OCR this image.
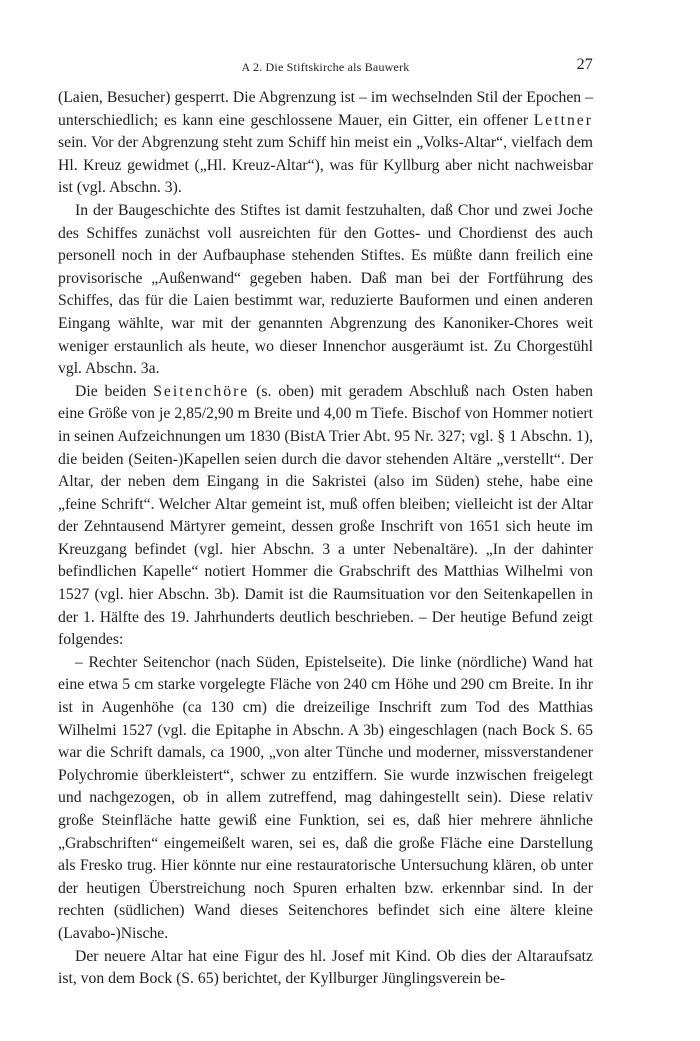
A 2. Die Stiftskirche als Bauwerk	27

(Laien, Besucher) gesperrt. Die Abgrenzung ist – im wechselnden Stil der Epochen – unterschiedlich; es kann eine geschlossene Mauer, ein Gitter, ein offener Lettner sein. Vor der Abgrenzung steht zum Schiff hin meist ein „Volks-Altar“, vielfach dem Hl. Kreuz gewidmet („Hl. Kreuz-Altar“), was für Kyllburg aber nicht nachweisbar ist (vgl. Abschn. 3).

In der Baugeschichte des Stiftes ist damit festzuhalten, daß Chor und zwei Joche des Schiffes zunächst voll ausreichten für den Gottes- und Chordienst des auch personell noch in der Aufbauphase stehenden Stiftes. Es müßte dann freilich eine provisorische „Außenwand“ gegeben haben. Daß man bei der Fortführung des Schiffes, das für die Laien bestimmt war, reduzierte Bauformen und einen anderen Eingang wählte, war mit der genannten Abgrenzung des Kanoniker-Chores weit weniger erstaunlich als heute, wo dieser Innenchor ausgeräumt ist. Zu Chorgestühl vgl. Abschn. 3a.

Die beiden Seitenchöre (s. oben) mit geradem Abschluß nach Osten haben eine Größe von je 2,85/2,90 m Breite und 4,00 m Tiefe. Bischof von Hommer notiert in seinen Aufzeichnungen um 1830 (BistA Trier Abt. 95 Nr. 327; vgl. § 1 Abschn. 1), die beiden (Seiten-)Kapellen seien durch die davor stehenden Altäre „verstellt“. Der Altar, der neben dem Eingang in die Sakristei (also im Süden) stehe, habe eine „feine Schrift“. Welcher Altar gemeint ist, muß offen bleiben; vielleicht ist der Altar der Zehntausend Märtyrer gemeint, dessen große Inschrift von 1651 sich heute im Kreuzgang befindet (vgl. hier Abschn. 3 a unter Nebenaltäre). „In der dahinter befindlichen Kapelle“ notiert Hommer die Grabschrift des Matthias Wilhelmi von 1527 (vgl. hier Abschn. 3b). Damit ist die Raumsituation vor den Seitenkapellen in der 1. Hälfte des 19. Jahrhunderts deutlich beschrieben. – Der heutige Befund zeigt folgendes:

– Rechter Seitenchor (nach Süden, Epistelseite). Die linke (nördliche) Wand hat eine etwa 5 cm starke vorgelegte Fläche von 240 cm Höhe und 290 cm Breite. In ihr ist in Augenhöhe (ca 130 cm) die dreizeilige Inschrift zum Tod des Matthias Wilhelmi 1527 (vgl. die Epitaphe in Abschn. A 3b) eingeschlagen (nach Bock S. 65 war die Schrift damals, ca 1900, „von alter Tünche und moderner, missverstandener Polychromie überkleistert“, schwer zu entziffern. Sie wurde inzwischen freigelegt und nachgezogen, ob in allem zutreffend, mag dahingestellt sein). Diese relativ große Steinfläche hatte gewiß eine Funktion, sei es, daß hier mehrere ähnliche „Grabschriften“ eingemeißelt waren, sei es, daß die große Fläche eine Darstellung als Fresko trug. Hier könnte nur eine restauratorische Untersuchung klären, ob unter der heutigen Überstreichung noch Spuren erhalten bzw. erkennbar sind. In der rechten (südlichen) Wand dieses Seitenchores befindet sich eine ältere kleine (Lavabo-)Nische.

Der neuere Altar hat eine Figur des hl. Josef mit Kind. Ob dies der Altaraufsatz ist, von dem Bock (S. 65) berichtet, der Kyllburger Jünglingsverein be-
